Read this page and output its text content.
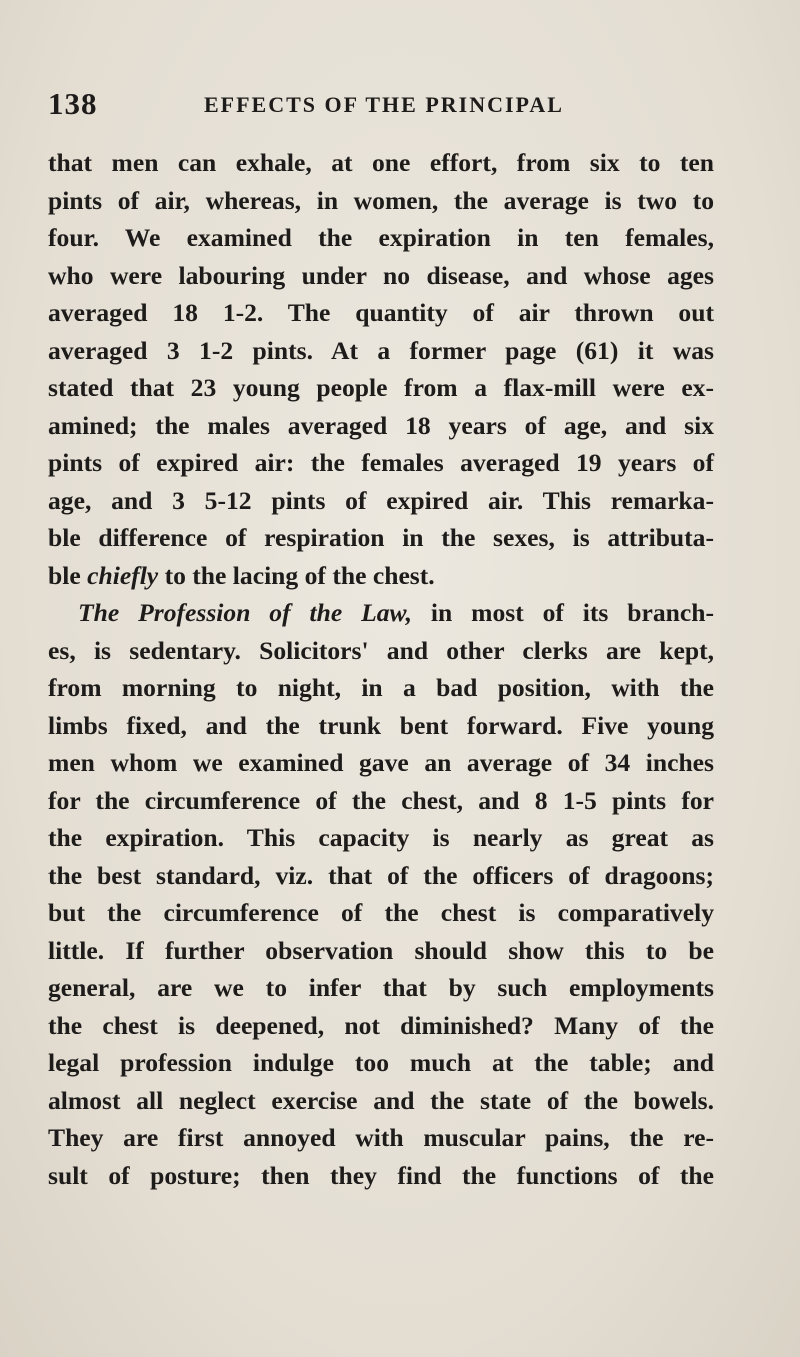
138	EFFECTS OF THE PRINCIPAL
that men can exhale, at one effort, from six to ten
pints of air, whereas, in women, the average is two to
four. We examined the expiration in ten females,
who were labouring under no disease, and whose ages
averaged 18 1-2. The quantity of air thrown out
averaged 3 1-2 pints. At a former page (61) it was
stated that 23 young people from a flax-mill were ex-
amined; the males averaged 18 years of age, and six
pints of expired air: the females averaged 19 years of
age, and 3 5-12 pints of expired air. This remarka-
ble difference of respiration in the sexes, is attributa-
ble chiefly to the lacing of the chest.
The Profession of the Law, in most of its branch-
es, is sedentary. Solicitors' and other clerks are kept,
from morning to night, in a bad position, with the
limbs fixed, and the trunk bent forward. Five young
men whom we examined gave an average of 34 inches
for the circumference of the chest, and 8 1-5 pints for
the expiration. This capacity is nearly as great as
the best standard, viz. that of the officers of dragoons;
but the circumference of the chest is comparatively
little. If further observation should show this to be
general, are we to infer that by such employments
the chest is deepened, not diminished? Many of the
legal profession indulge too much at the table; and
almost all neglect exercise and the state of the bowels.
They are first annoyed with muscular pains, the re-
sult of posture; then they find the functions of the
